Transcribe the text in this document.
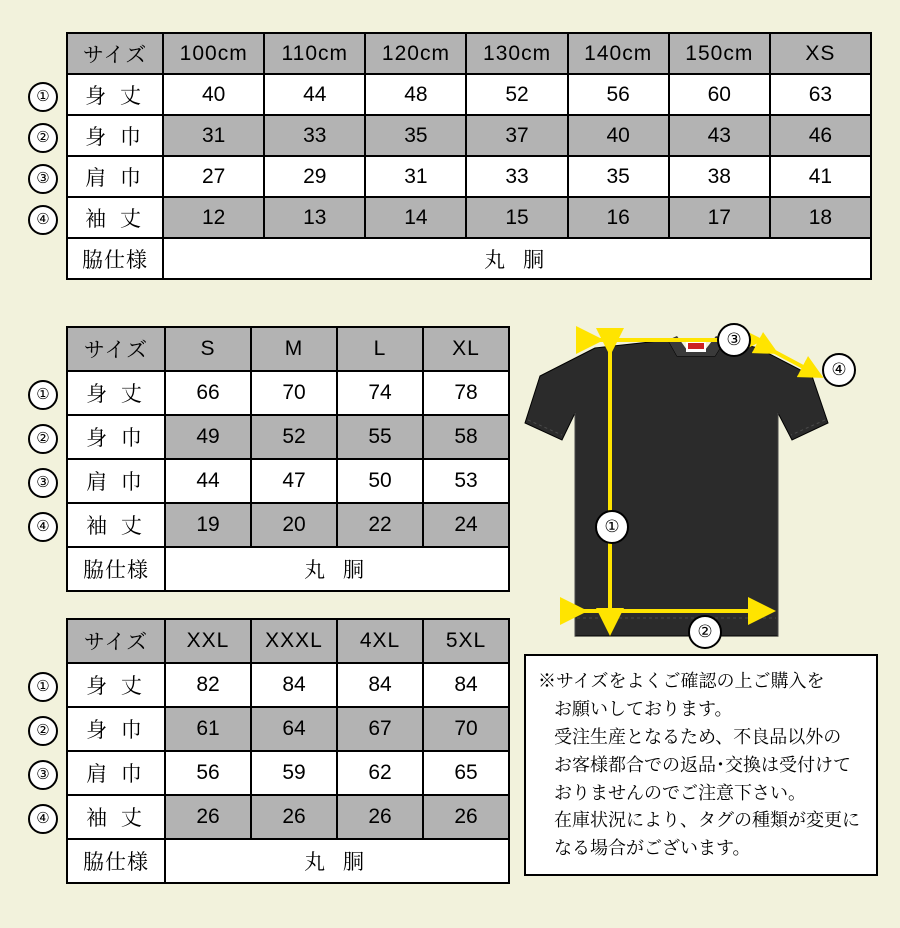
①
②
③
④
サイズ	100cm	110cm	120cm	130cm	140cm	150cm	XS
身 丈	40	44	48	52	56	60	63
身 巾	31	33	35	37	40	43	46
肩 巾	27	29	31	33	35	38	41
袖 丈	12	13	14	15	16	17	18
脇仕様	丸 胴						
①
②
③
④
サイズ	S	M	L	XL
身 丈	66	70	74	78
身 巾	49	52	55	58
肩 巾	44	47	50	53
袖 丈	19	20	22	24
脇仕様	丸 胴			
①
②
③
④
サイズ	XXL	XXXL	4XL	5XL
身 丈	82	84	84	84
身 巾	61	64	67	70
肩 巾	56	59	62	65
袖 丈	26	26	26	26
脇仕様	丸 胴			
③
④
①
②
※サイズをよくご確認の上ご購入を
お願いしております。
受注生産となるため、不良品以外の
お客様都合での返品･交換は受付けて
おりませんのでご注意下さい。
在庫状況により、タグの種類が変更に
なる場合がございます。
